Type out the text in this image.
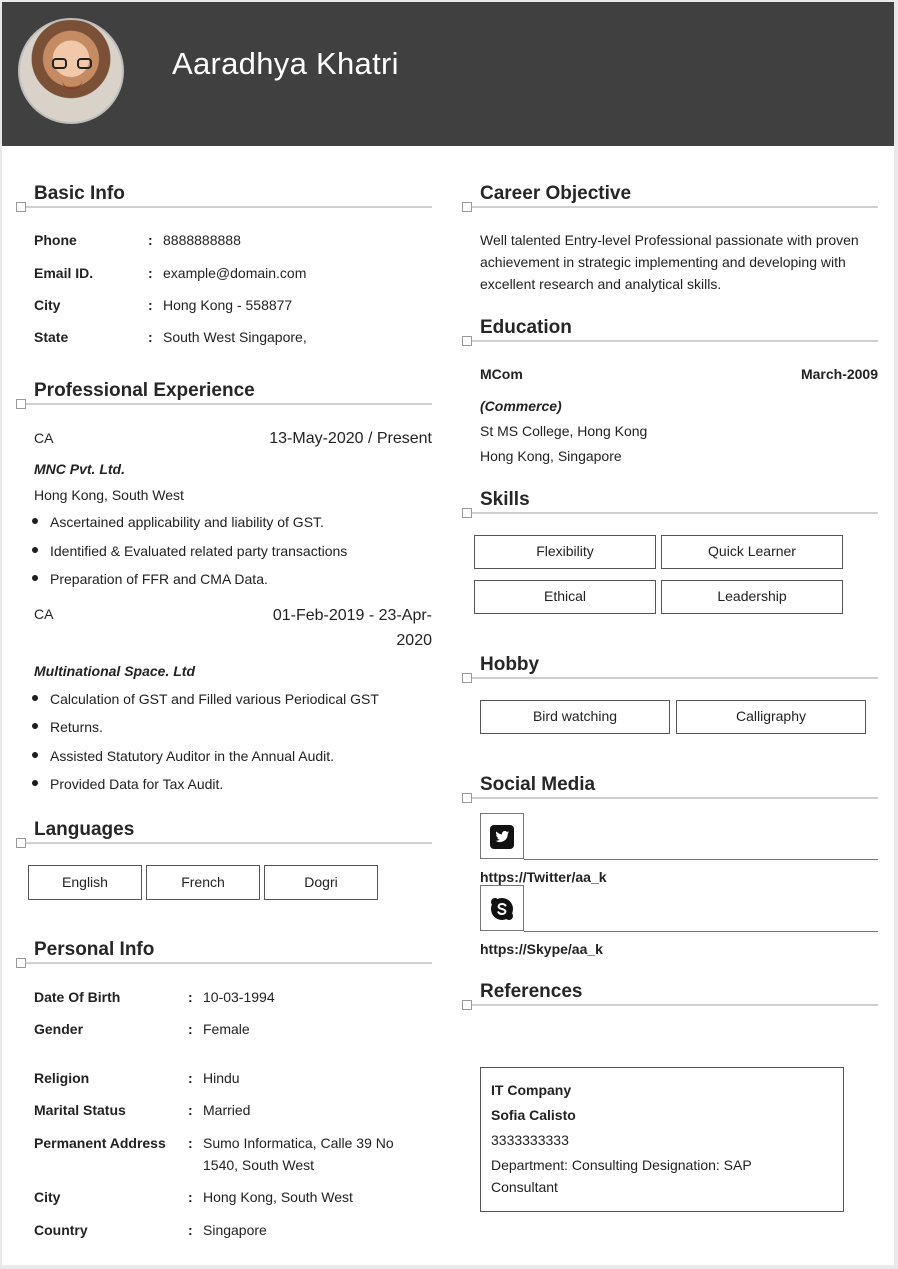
Aaradhya Khatri
Basic Info
Phone	: 8888888888
Email ID.	: example@domain.com
City	: Hong Kong - 558877
State	: South West Singapore,
Professional Experience
CA	13-May-2020 / Present
MNC Pvt. Ltd.
Hong Kong, South West
Ascertained applicability and liability of GST.
Identified & Evaluated related party transactions
Preparation of FFR and CMA Data.
CA	01-Feb-2019 - 23-Apr-
2020
Multinational Space. Ltd
Calculation of GST and Filled various Periodical GST
Returns.
Assisted Statutory Auditor in the Annual Audit.
Provided Data for Tax Audit.
Languages
English	French	Dogri
Personal Info
Date Of Birth	: 10-03-1994
Gender	: Female
Religion	: Hindu
Marital Status	: Married
Permanent Address : Sumo Informatica, Calle 39 No
1540, South West
City	: Hong Kong, South West
Country	: Singapore
Career Objective
Well talented Entry-level Professional passionate with proven
achievement in strategic implementing and developing with
excellent research and analytical skills.
Education
MCom	March-2009
(Commerce)
St MS College, Hong Kong
Hong Kong, Singapore
Skills
Flexibility	Quick Learner
Ethical	Leadership
Hobby
Bird watching	Calligraphy
Social Media
https://Twitter/aa_k
https://Skype/aa_k
References
IT Company
Sofia Calisto
3333333333
Department: Consulting Designation: SAP
Consultant
